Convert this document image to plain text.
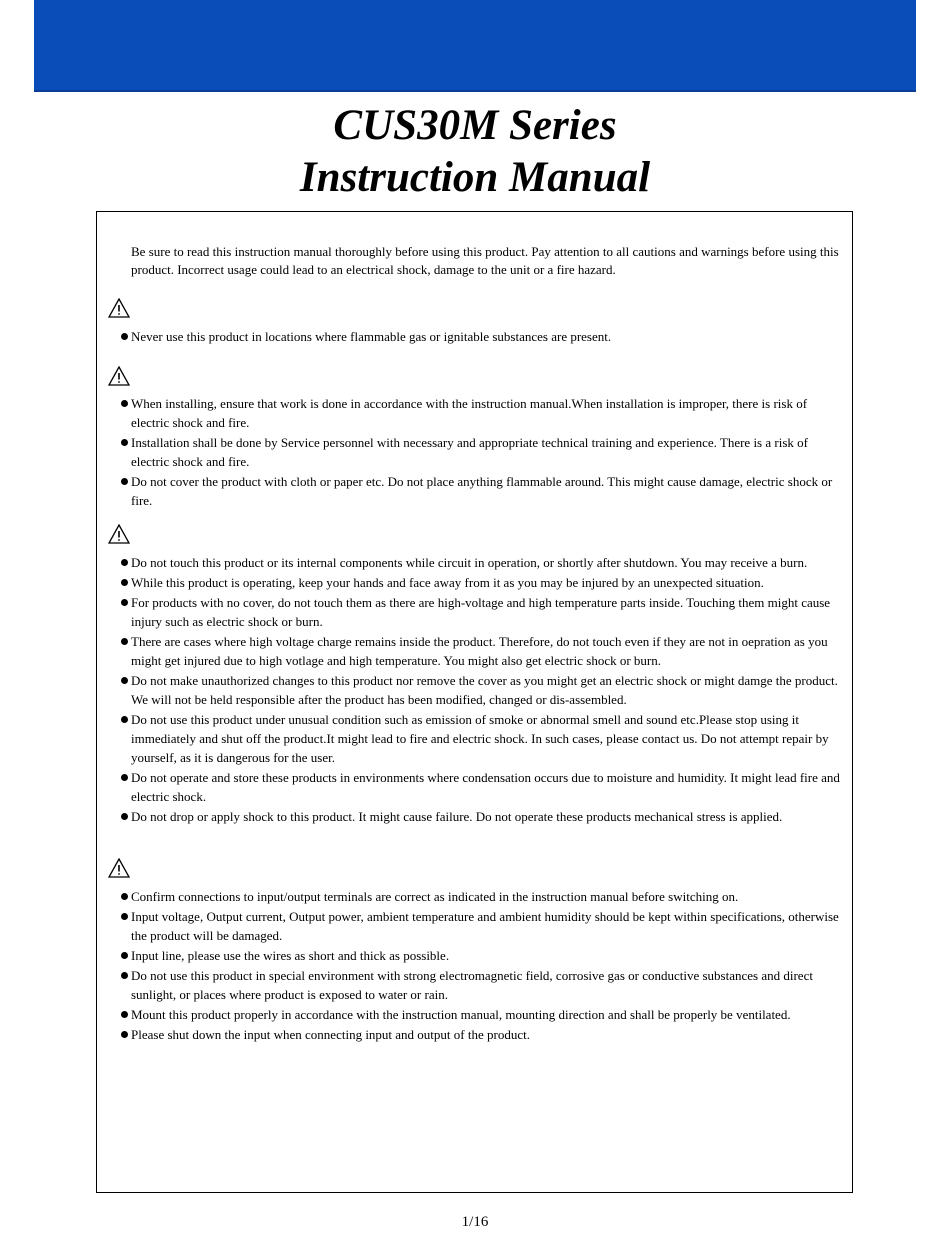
CUS30M Series
Instruction Manual
Be sure to read this instruction manual thoroughly before using this product. Pay attention to all cautions and warnings before using this product. Incorrect usage could lead to an electrical shock, damage to the unit or a fire hazard.
Never use this product in locations where flammable gas or ignitable substances are present.
When installing, ensure that work is done in accordance with the instruction manual.When installation is improper, there is risk of electric shock and fire.
Installation shall be done by Service personnel with necessary and appropriate technical training and experience. There is a risk of electric shock and fire.
Do not cover the product with cloth or paper etc. Do not place anything flammable around. This might cause damage, electric shock or fire.
Do not touch this product or its internal components while circuit in operation, or shortly after shutdown. You may receive a burn.
While this product is operating, keep your hands and face away from it as you may be injured by an unexpected situation.
For products with no cover, do not touch them as there are high-voltage and high temperature parts inside. Touching them might cause injury such as electric shock or burn.
There are cases where high voltage charge remains inside the product. Therefore, do not touch even if they are not in oepration as you might get injured due to high votlage and high temperature. You might also get electric shock or burn.
Do not make unauthorized changes to this product nor remove the cover as you might get an electric shock or might damge the product. We will not be held responsible after the product has been modified, changed or dis-assembled.
Do not use this product under unusual condition such as emission of smoke or abnormal smell and sound etc.Please stop using it immediately and shut off the product.It might lead to fire and electric shock. In such cases, please contact us. Do not attempt repair by yourself, as it is dangerous for the user.
Do not operate and store these products in environments where condensation occurs due to moisture and humidity. It might lead fire and electric shock.
Do not drop or apply shock to this product. It might cause failure. Do not operate these products mechanical stress is applied.
Confirm connections to input/output terminals are correct as indicated in the instruction manual before switching on.
Input voltage, Output current, Output power, ambient temperature and ambient humidity should be kept within specifications, otherwise the product will be damaged.
Input line, please use the wires as short and thick as possible.
Do not use this product in special environment with strong electromagnetic field, corrosive gas or conductive substances and direct sunlight, or places where product is exposed to water or rain.
Mount this product properly in accordance with the instruction manual, mounting direction and shall be properly be ventilated.
Please shut down the input when connecting input and output of the product.
1/16
